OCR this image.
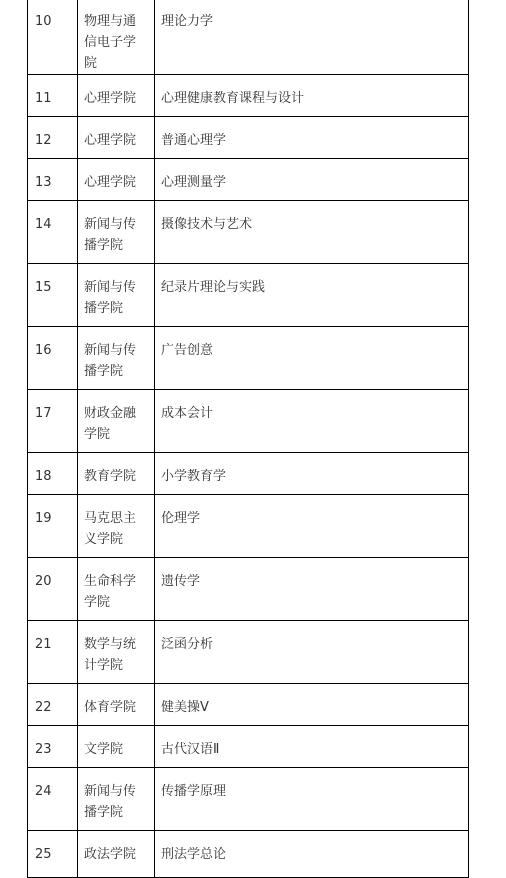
10	物理与通信电子学院	理论力学

11	心理学院	心理健康教育课程与设计

12	心理学院	普通心理学

13	心理学院	心理测量学

14	新闻与传播学院	摄像技术与艺术

15	新闻与传播学院	纪录片理论与实践

16	新闻与传播学院	广告创意

17	财政金融学院	成本会计

18	教育学院	小学教育学

19	马克思主义学院	伦理学

20	生命科学学院	遗传学

21	数学与统计学院	泛函分析

22	体育学院	健美操Ⅴ

23	文学院	古代汉语Ⅱ

24	新闻与传播学院	传播学原理

25	政法学院	刑法学总论
